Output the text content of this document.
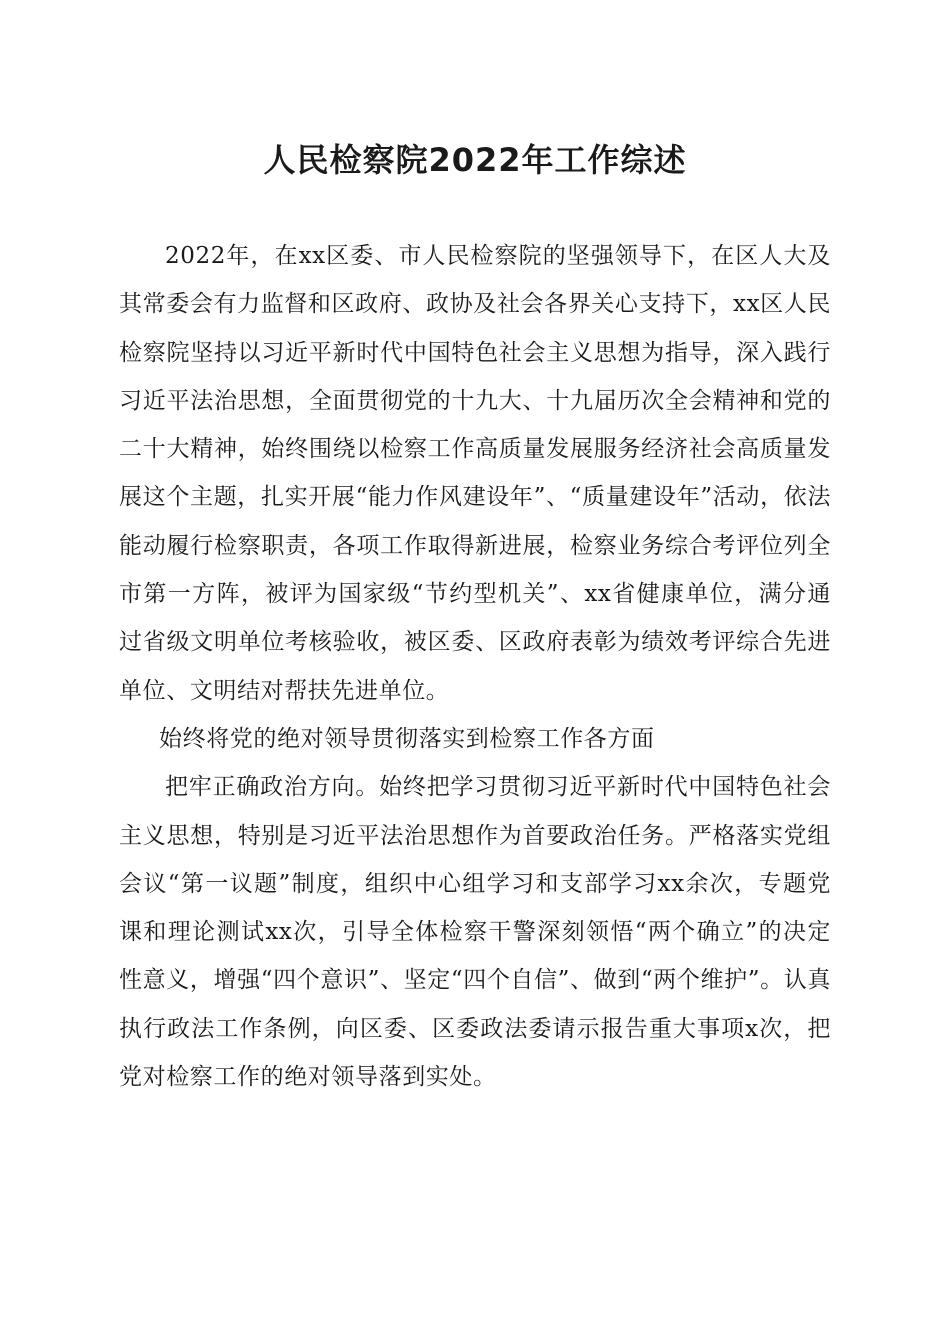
人民检察院2022年工作综述

2022年，在xx区委、市人民检察院的坚强领导下，在区人大及其常委会有力监督和区政府、政协及社会各界关心支持下，xx区人民检察院坚持以习近平新时代中国特色社会主义思想为指导，深入践行习近平法治思想，全面贯彻党的十九大、十九届历次全会精神和党的二十大精神，始终围绕以检察工作高质量发展服务经济社会高质量发展这个主题，扎实开展“能力作风建设年”、“质量建设年”活动，依法能动履行检察职责，各项工作取得新进展，检察业务综合考评位列全市第一方阵，被评为国家级“节约型机关”、xx省健康单位，满分通过省级文明单位考核验收，被区委、区政府表彰为绩效考评综合先进单位、文明结对帮扶先进单位。

始终将党的绝对领导贯彻落实到检察工作各方面

把牢正确政治方向。始终把学习贯彻习近平新时代中国特色社会主义思想，特别是习近平法治思想作为首要政治任务。严格落实党组会议“第一议题”制度，组织中心组学习和支部学习xx余次，专题党课和理论测试xx次，引导全体检察干警深刻领悟“两个确立”的决定性意义，增强“四个意识”、坚定“四个自信”、做到“两个维护”。认真执行政法工作条例，向区委、区委政法委请示报告重大事项x次，把党对检察工作的绝对领导落到实处。
